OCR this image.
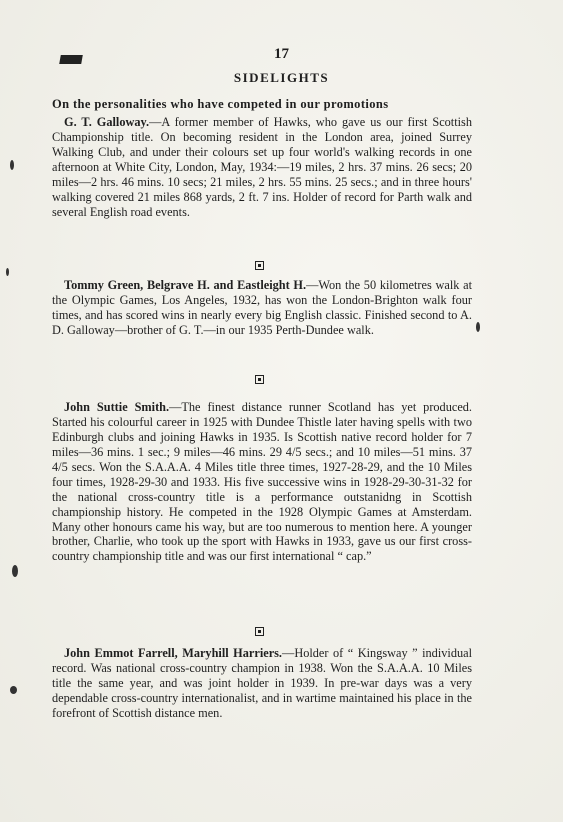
17
SIDELIGHTS
On the personalities who have competed in our promotions

G. T. Galloway.—A former member of Hawks, who gave us our first Scottish Championship title. On becoming resident in the London area, joined Surrey Walking Club, and under their colours set up four world's walking records in one afternoon at White City, London, May, 1934:—19 miles, 2 hrs. 37 mins. 26 secs; 20 miles—2 hrs. 46 mins. 10 secs; 21 miles, 2 hrs. 55 mins. 25 secs.; and in three hours' walking covered 21 miles 868 yards, 2 ft. 7 ins. Holder of record for Parth walk and several English road events.

Tommy Green, Belgrave H. and Eastleight H.—Won the 50 kilometres walk at the Olympic Games, Los Angeles, 1932, has won the London-Brighton walk four times, and has scored wins in nearly every big English classic. Finished second to A. D. Galloway—brother of G. T.—in our 1935 Perth-Dundee walk.

John Suttie Smith.—The finest distance runner Scotland has yet produced. Started his colourful career in 1925 with Dundee Thistle later having spells with two Edinburgh clubs and joining Hawks in 1935. Is Scottish native record holder for 7 miles—36 mins. 1 sec.; 9 miles—46 mins. 29 4/5 secs.; and 10 miles—51 mins. 37 4/5 secs. Won the S.A.A.A. 4 Miles title three times, 1927-28-29, and the 10 Miles four times, 1928-29-30 and 1933. His five successive wins in 1928-29-30-31-32 for the national cross-country title is a performance outstanidng in Scottish championship history. He competed in the 1928 Olympic Games at Amsterdam. Many other honours came his way, but are too numerous to mention here. A younger brother, Charlie, who took up the sport with Hawks in 1933, gave us our first cross-country championship title and was our first international “ cap.”

John Emmot Farrell, Maryhill Harriers.—Holder of “ Kingsway ” individual record. Was national cross-country champion in 1938. Won the S.A.A.A. 10 Miles title the same year, and was joint holder in 1939. In pre-war days was a very dependable cross-country internationalist, and in wartime maintained his place in the forefront of Scottish distance men.
